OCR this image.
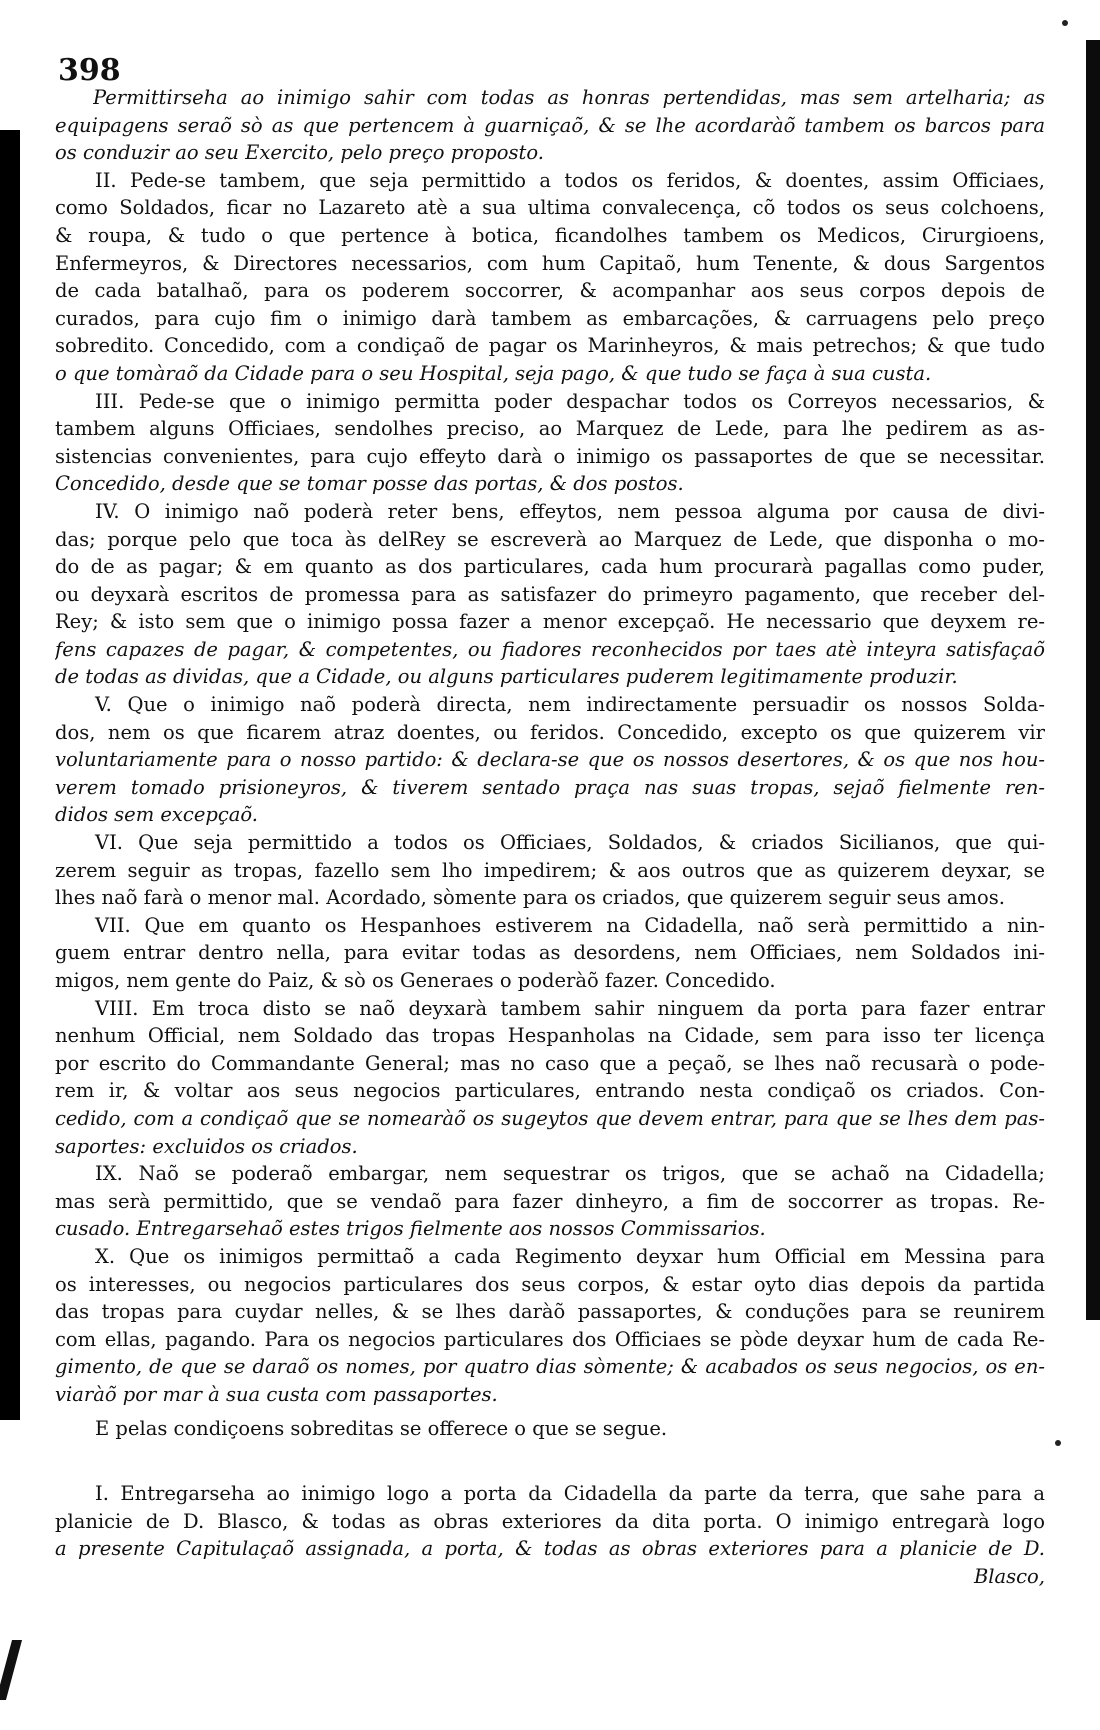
398
Permittirseha ao inimigo sahir com todas as honras pertendidas, mas sem artelharia; as
equipagens seraõ sò as que pertencem à guarniçaõ, & se lhe acordaràõ tambem os barcos para
os conduzir ao seu Exercito, pelo preço proposto.
II. Pede-se tambem, que seja permittido a todos os feridos, & doentes, assim Officiaes,
como Soldados, ficar no Lazareto atè a sua ultima convalecença, cõ todos os seus colchoens,
& roupa, & tudo o que pertence à botica, ficandolhes tambem os Medicos, Cirurgioens,
Enfermeyros, & Directores necessarios, com hum Capitaõ, hum Tenente, & dous Sargentos
de cada batalhaõ, para os poderem soccorrer, & acompanhar aos seus corpos depois de
curados, para cujo fim o inimigo darà tambem as embarcações, & carruagens pelo preço
sobredito. Concedido, com a condiçaõ de pagar os Marinheyros, & mais petrechos; & que tudo
o que tomàraõ da Cidade para o seu Hospital, seja pago, & que tudo se faça à sua custa.
III. Pede-se que o inimigo permitta poder despachar todos os Correyos necessarios, &
tambem alguns Officiaes, sendolhes preciso, ao Marquez de Lede, para lhe pedirem as as-
sistencias convenientes, para cujo effeyto darà o inimigo os passaportes de que se necessitar.
Concedido, desde que se tomar posse das portas, & dos postos.
IV. O inimigo naõ poderà reter bens, effeytos, nem pessoa alguma por causa de divi-
das; porque pelo que toca às delRey se escreverà ao Marquez de Lede, que disponha o mo-
do de as pagar; & em quanto as dos particulares, cada hum procurarà pagallas como puder,
ou deyxarà escritos de promessa para as satisfazer do primeyro pagamento, que receber del-
Rey; & isto sem que o inimigo possa fazer a menor excepçaõ. He necessario que deyxem re-
fens capazes de pagar, & competentes, ou fiadores reconhecidos por taes atè inteyra satisfaçaõ
de todas as dividas, que a Cidade, ou alguns particulares puderem legitimamente produzir.
V. Que o inimigo naõ poderà directa, nem indirectamente persuadir os nossos Solda-
dos, nem os que ficarem atraz doentes, ou feridos. Concedido, excepto os que quizerem vir
voluntariamente para o nosso partido: & declara-se que os nossos desertores, & os que nos hou-
verem tomado prisioneyros, & tiverem sentado praça nas suas tropas, sejaõ fielmente ren-
didos sem excepçaõ.
VI. Que seja permittido a todos os Officiaes, Soldados, & criados Sicilianos, que qui-
zerem seguir as tropas, fazello sem lho impedirem; & aos outros que as quizerem deyxar, se
lhes naõ farà o menor mal. Acordado, sòmente para os criados, que quizerem seguir seus amos.
VII. Que em quanto os Hespanhoes estiverem na Cidadella, naõ serà permittido a nin-
guem entrar dentro nella, para evitar todas as desordens, nem Officiaes, nem Soldados ini-
migos, nem gente do Paiz, & sò os Generaes o poderàõ fazer. Concedido.
VIII. Em troca disto se naõ deyxarà tambem sahir ninguem da porta para fazer entrar
nenhum Official, nem Soldado das tropas Hespanholas na Cidade, sem para isso ter licença
por escrito do Commandante General; mas no caso que a peçaõ, se lhes naõ recusarà o pode-
rem ir, & voltar aos seus negocios particulares, entrando nesta condiçaõ os criados. Con-
cedido, com a condiçaõ que se nomearàõ os sugeytos que devem entrar, para que se lhes dem pas-
saportes: excluidos os criados.
IX. Naõ se poderaõ embargar, nem sequestrar os trigos, que se achaõ na Cidadella;
mas serà permittido, que se vendaõ para fazer dinheyro, a fim de soccorrer as tropas. Re-
cusado. Entregarsehaõ estes trigos fielmente aos nossos Commissarios.
X. Que os inimigos permittaõ a cada Regimento deyxar hum Official em Messina para
os interesses, ou negocios particulares dos seus corpos, & estar oyto dias depois da partida
das tropas para cuydar nelles, & se lhes daràõ passaportes, & conduções para se reunirem
com ellas, pagando. Para os negocios particulares dos Officiaes se pòde deyxar hum de cada Re-
gimento, de que se daraõ os nomes, por quatro dias sòmente; & acabados os seus negocios, os en-
viaràõ por mar à sua custa com passaportes.
E pelas condiçoens sobreditas se offerece o que se segue.
I. Entregarseha ao inimigo logo a porta da Cidadella da parte da terra, que sahe para a
planicie de D. Blasco, & todas as obras exteriores da dita porta. O inimigo entregarà logo
a presente Capitulaçaõ assignada, a porta, & todas as obras exteriores para a planicie de D.
Blasco,
